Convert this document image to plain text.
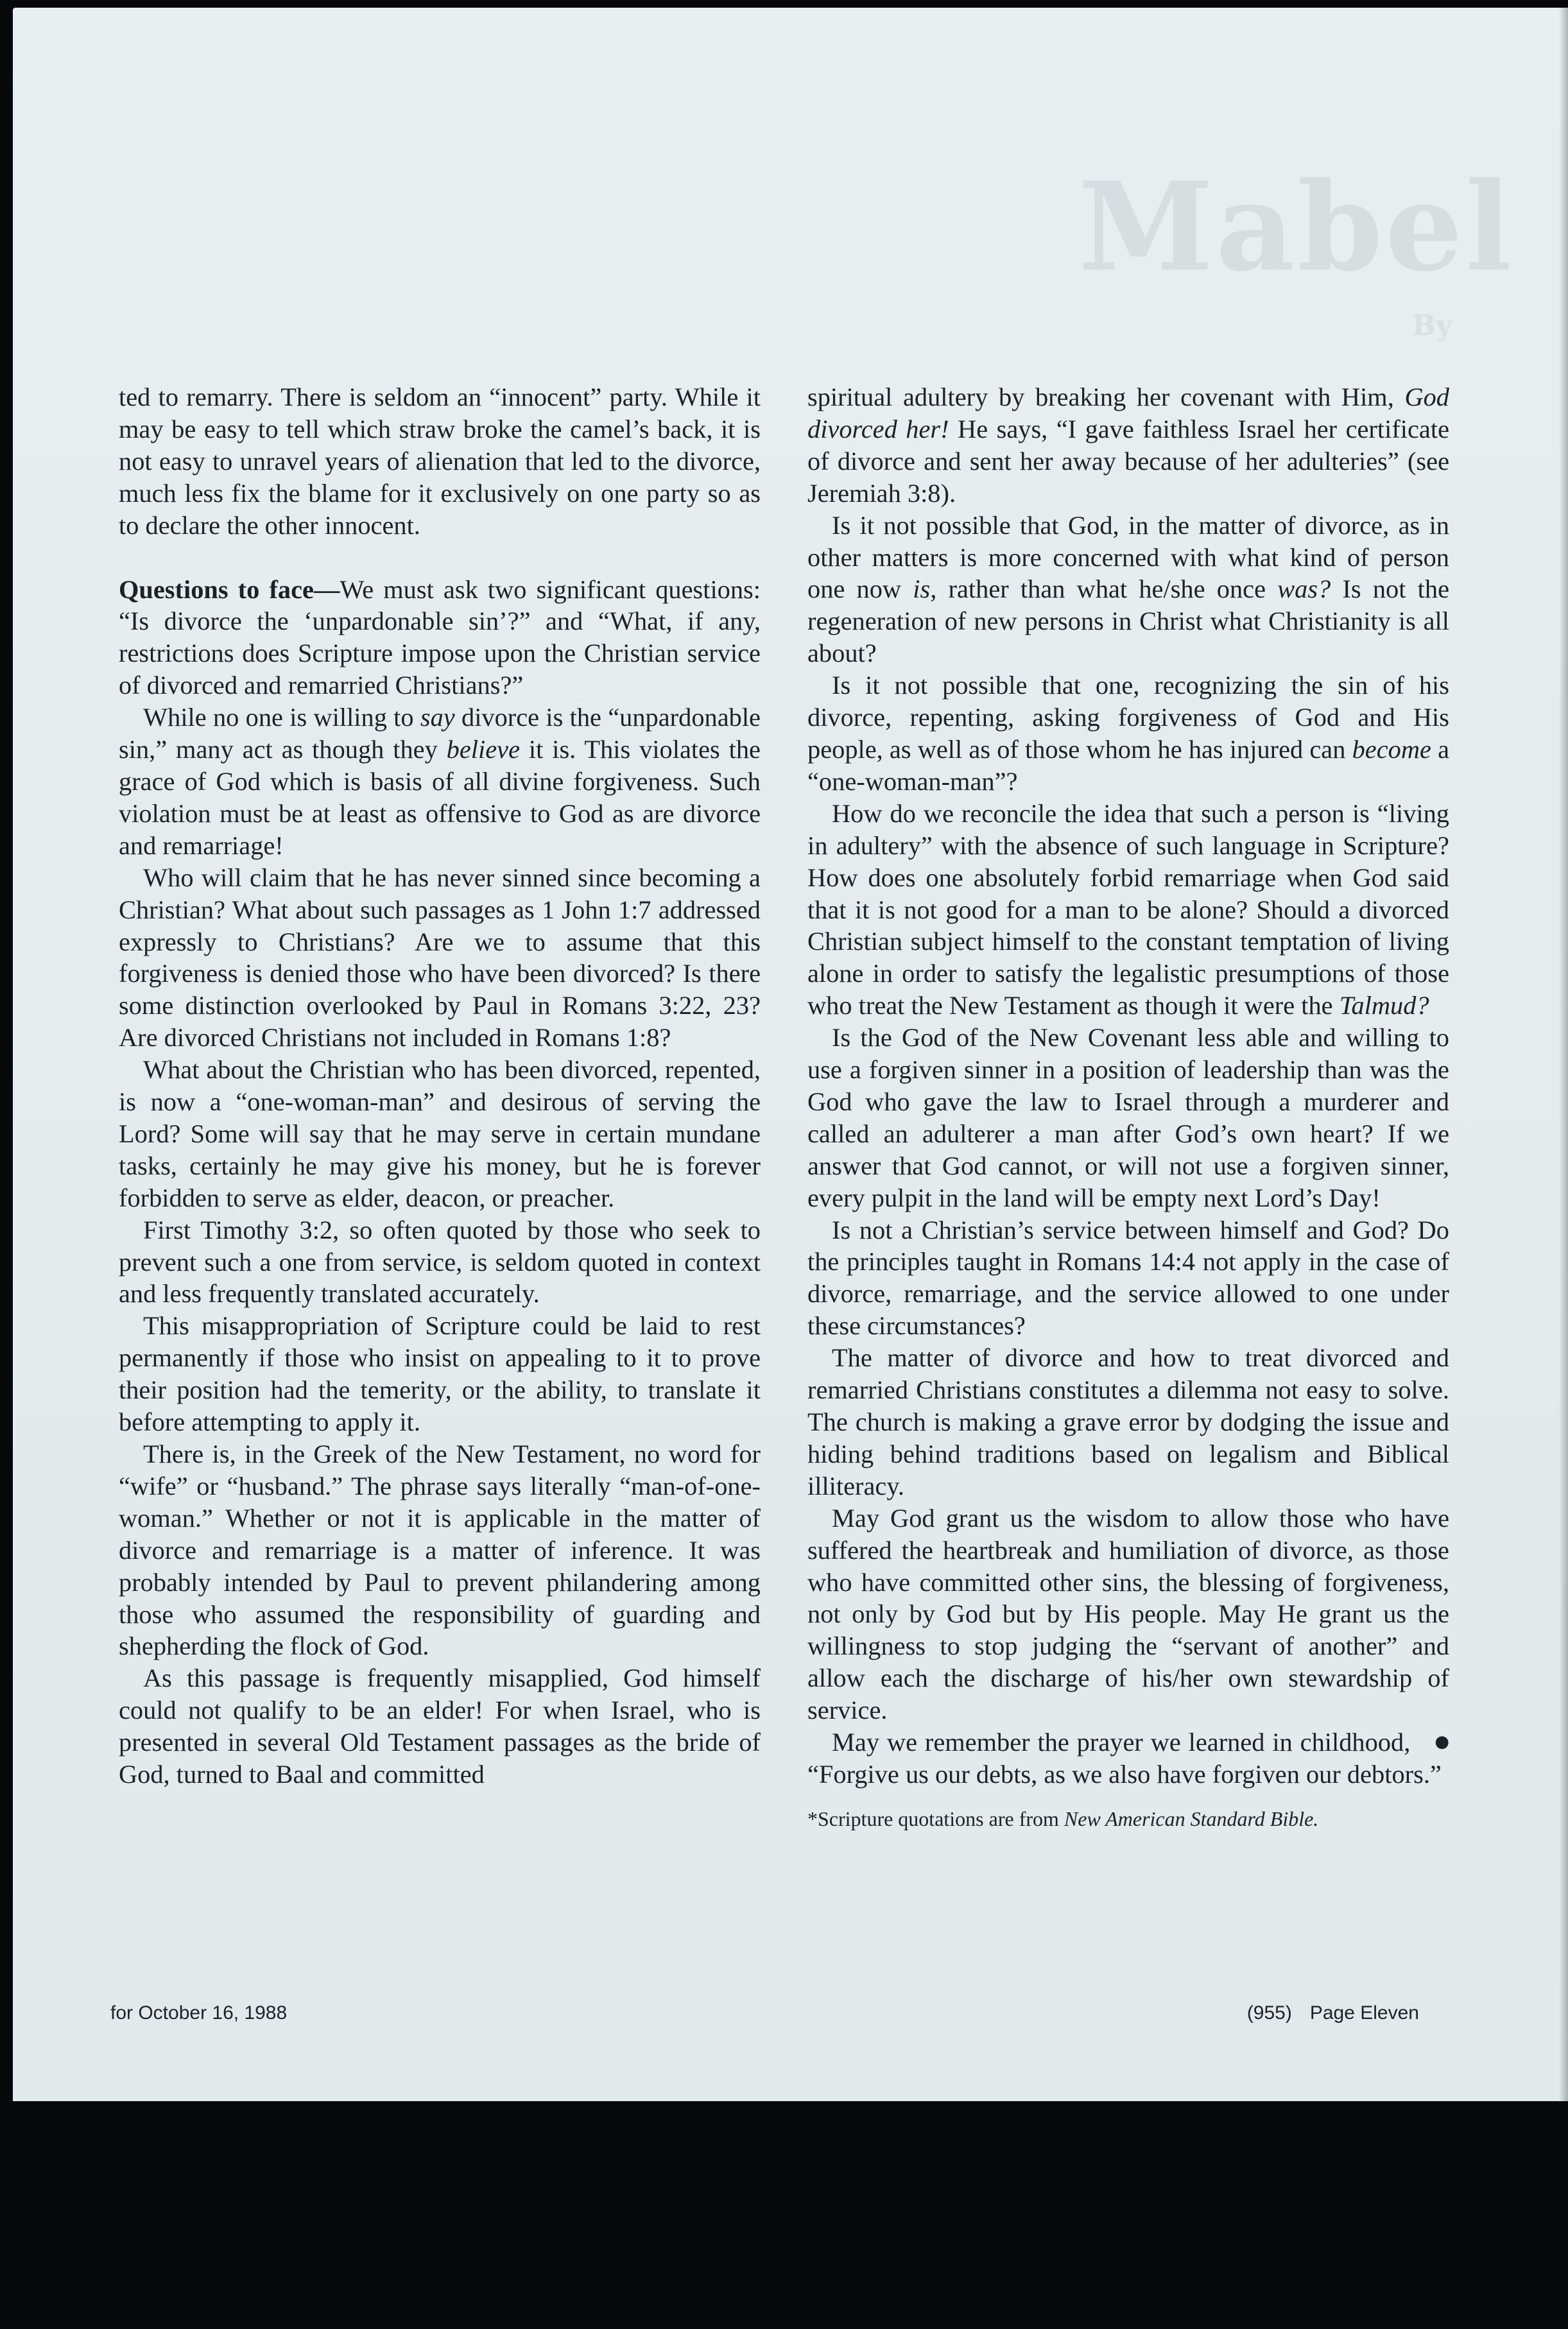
Mabel
By

ted to remarry. There is seldom an “innocent” party. While it may be easy to tell which straw broke the camel’s back, it is not easy to unravel years of alienation that led to the divorce, much less fix the blame for it exclusively on one party so as to declare the other innocent.

Questions to face—We must ask two significant questions: “Is divorce the ‘unpardonable sin’?” and “What, if any, restrictions does Scripture impose upon the Christian service of divorced and remarried Christians?”

While no one is willing to say divorce is the “unpardonable sin,” many act as though they believe it is. This violates the grace of God which is basis of all divine forgiveness. Such violation must be at least as offensive to God as are divorce and remarriage!

Who will claim that he has never sinned since becoming a Christian? What about such passages as 1 John 1:7 addressed expressly to Christians? Are we to assume that this forgiveness is denied those who have been divorced? Is there some distinction overlooked by Paul in Romans 3:22, 23? Are divorced Christians not included in Romans 1:8?

What about the Christian who has been divorced, repented, is now a “one-woman-man” and desirous of serving the Lord? Some will say that he may serve in certain mundane tasks, certainly he may give his money, but he is forever forbidden to serve as elder, deacon, or preacher.

First Timothy 3:2, so often quoted by those who seek to prevent such a one from service, is seldom quoted in context and less frequently translated accurately.

This misappropriation of Scripture could be laid to rest permanently if those who insist on appealing to it to prove their position had the temerity, or the ability, to translate it before attempting to apply it.

There is, in the Greek of the New Testament, no word for “wife” or “husband.” The phrase says literally “man-of-one-woman.” Whether or not it is applicable in the matter of divorce and remarriage is a matter of inference. It was probably intended by Paul to prevent philandering among those who assumed the responsibility of guarding and shepherding the flock of God.

As this passage is frequently misapplied, God himself could not qualify to be an elder! For when Israel, who is presented in several Old Testament passages as the bride of God, turned to Baal and committed

spiritual adultery by breaking her covenant with Him, God divorced her! He says, “I gave faithless Israel her certificate of divorce and sent her away because of her adulteries” (see Jeremiah 3:8).

Is it not possible that God, in the matter of divorce, as in other matters is more concerned with what kind of person one now is, rather than what he/she once was? Is not the regeneration of new persons in Christ what Christianity is all about?

Is it not possible that one, recognizing the sin of his divorce, repenting, asking forgiveness of God and His people, as well as of those whom he has injured can become a “one-woman-man”?

How do we reconcile the idea that such a person is “living in adultery” with the absence of such language in Scripture? How does one absolutely forbid remarriage when God said that it is not good for a man to be alone? Should a divorced Christian subject himself to the constant temptation of living alone in order to satisfy the legalistic presumptions of those who treat the New Testament as though it were the Talmud?

Is the God of the New Covenant less able and willing to use a forgiven sinner in a position of leadership than was the God who gave the law to Israel through a murderer and called an adulterer a man after God’s own heart? If we answer that God cannot, or will not use a forgiven sinner, every pulpit in the land will be empty next Lord’s Day!

Is not a Christian’s service between himself and God? Do the principles taught in Romans 14:4 not apply in the case of divorce, remarriage, and the service allowed to one under these circumstances?

The matter of divorce and how to treat divorced and remarried Christians constitutes a dilemma not easy to solve. The church is making a grave error by dodging the issue and hiding behind traditions based on legalism and Biblical illiteracy.

May God grant us the wisdom to allow those who have suffered the heartbreak and humiliation of divorce, as those who have committed other sins, the blessing of forgiveness, not only by God but by His people. May He grant us the willingness to stop judging the “servant of another” and allow each the discharge of his/her own stewardship of service.

●
May we remember the prayer we learned in childhood, “Forgive us our debts, as we also have forgiven our debtors.”

*Scripture quotations are from New American Standard Bible.

for October 16, 1988	(955) Page Eleven
